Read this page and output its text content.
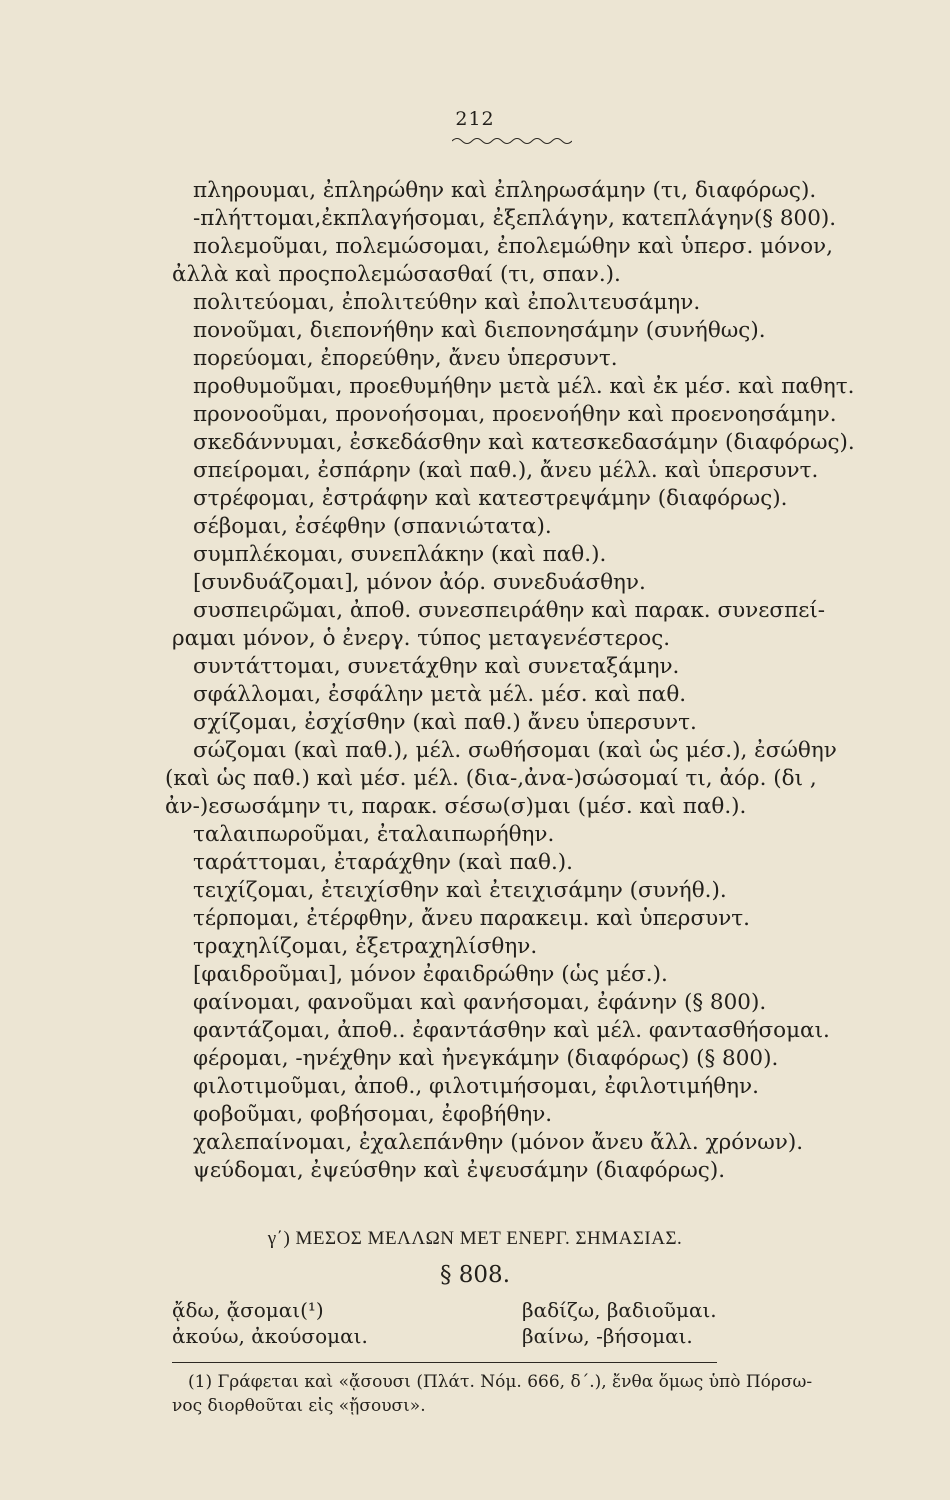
212
πληρουμαι, ἐπληρώθην καὶ ἐπληρωσάμην (τι, διαφόρως).
-πλήττομαι,ἐκπλαγήσομαι, ἐξεπλάγην, κατεπλάγην(§ 800).
πολεμοῦμαι, πολεμώσομαι, ἐπολεμώθην καὶ ὑπερσ. μόνον,
ἀλλὰ καὶ προςπολεμώσασθαί (τι, σπαν.).
πολιτεύομαι, ἐπολιτεύθην καὶ ἐπολιτευσάμην.
πονοῦμαι, διεπονήθην καὶ διεπονησάμην (συνήθως).
πορεύομαι, ἐπορεύθην, ἄνευ ὑπερσυντ.
προθυμοῦμαι, προεθυμήθην μετὰ μέλ. καὶ ἐκ μέσ. καὶ παθητ.
προνοοῦμαι, προνοήσομαι, προενοήθην καὶ προενοησάμην.
σκεδάννυμαι, ἐσκεδάσθην καὶ κατεσκεδασάμην (διαφόρως).
σπείρομαι, ἐσπάρην (καὶ παθ.), ἄνευ μέλλ. καὶ ὑπερσυντ.
στρέφομαι, ἐστράφην καὶ κατεστρεψάμην (διαφόρως).
σέβομαι, ἐσέφθην (σπανιώτατα).
συμπλέκομαι, συνεπλάκην (καὶ παθ.).
[συνδυάζομαι], μόνον ἀόρ. συνεδυάσθην.
συσπειρῶμαι, ἀποθ. συνεσπειράθην καὶ παρακ. συνεσπεί-
ραμαι μόνον, ὁ ἐνεργ. τύπος μεταγενέστερος.
συντάττομαι, συνετάχθην καὶ συνεταξάμην.
σφάλλομαι, ἐσφάλην μετὰ μέλ. μέσ. καὶ παθ.
σχίζομαι, ἐσχίσθην (καὶ παθ.) ἄνευ ὑπερσυντ.
σώζομαι (καὶ παθ.), μέλ. σωθήσομαι (καὶ ὡς μέσ.), ἐσώθην
(καὶ ὡς παθ.) καὶ μέσ. μέλ. (δια-,ἀνα-)σώσομαί τι, ἀόρ. (δι ,
ἀν-)εσωσάμην τι, παρακ. σέσω(σ)μαι (μέσ. καὶ παθ.).
ταλαιπωροῦμαι, ἐταλαιπωρήθην.
ταράττομαι, ἐταράχθην (καὶ παθ.).
τειχίζομαι, ἐτειχίσθην καὶ ἐτειχισάμην (συνήθ.).
τέρπομαι, ἐτέρφθην, ἄνευ παρακειμ. καὶ ὑπερσυντ.
τραχηλίζομαι, ἐξετραχηλίσθην.
[φαιδροῦμαι], μόνον ἐφαιδρώθην (ὡς μέσ.).
φαίνομαι, φανοῦμαι καὶ φανήσομαι, ἐφάνην (§ 800).
φαντάζομαι, ἀποθ.. ἐφαντάσθην καὶ μέλ. φαντασθήσομαι.
φέρομαι, -ηνέχθην καὶ ἠνεγκάμην (διαφόρως) (§ 800).
φιλοτιμοῦμαι, ἀποθ., φιλοτιμήσομαι, ἐφιλοτιμήθην.
φοβοῦμαι, φοβήσομαι, ἐφοβήθην.
χαλεπαίνομαι, ἐχαλεπάνθην (μόνον ἄνευ ἄλλ. χρόνων).
ψεύδομαι, ἐψεύσθην καὶ ἐψευσάμην (διαφόρως).
γ΄) ΜΕΣΟΣ ΜΕΛΛΩΝ ΜΕΤ ΕΝΕΡΓ. ΣΗΜΑΣΙΑΣ.
§ 808.
ᾄδω, ᾄσομαι(¹)
ἀκούω, ἀκούσομαι.
βαδίζω, βαδιοῦμαι.
βαίνω, -βήσομαι.
(1) Γράφεται καὶ «ᾄσουσι (Πλάτ. Νόμ. 666, δ΄.), ἔνθα ὅμως ὑπὸ Πόρσω-
νος διορθοῦται εἰς «ᾔσουσι».
